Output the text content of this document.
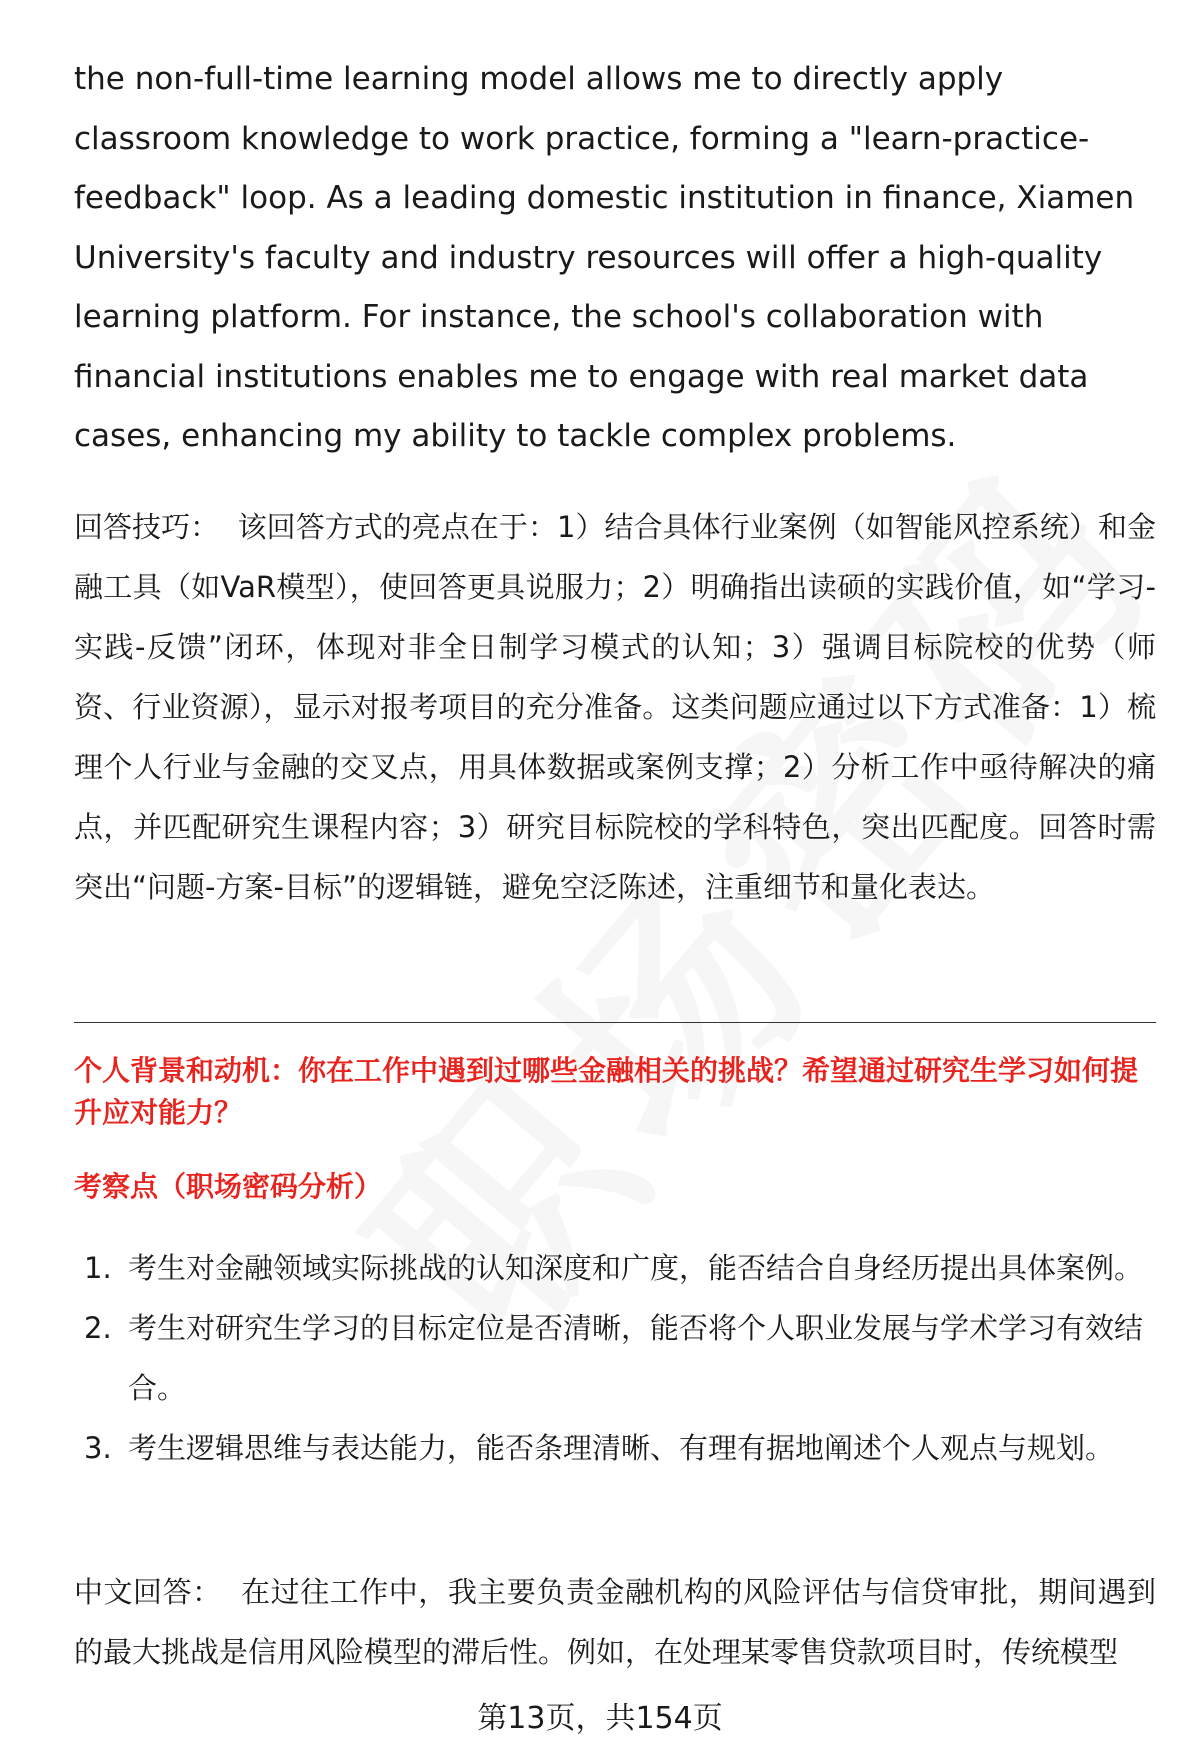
the non-full-time learning model allows me to directly apply classroom knowledge to work practice, forming a "learn-practice-feedback" loop. As a leading domestic institution in finance, Xiamen University's faculty and industry resources will offer a high-quality learning platform. For instance, the school's collaboration with financial institutions enables me to engage with real market data cases, enhancing my ability to tackle complex problems.

回答技巧： 该回答方式的亮点在于：1）结合具体行业案例（如智能风控系统）和金融工具（如VaR模型），使回答更具说服力；2）明确指出读硕的实践价值，如“学习-实践-反馈”闭环，体现对非全日制学习模式的认知；3）强调目标院校的优势（师资、行业资源），显示对报考项目的充分准备。这类问题应通过以下方式准备：1）梳理个人行业与金融的交叉点，用具体数据或案例支撑；2）分析工作中亟待解决的痛点，并匹配研究生课程内容；3）研究目标院校的学科特色，突出匹配度。回答时需突出“问题-方案-目标”的逻辑链，避免空泛陈述，注重细节和量化表达。

个人背景和动机：你在工作中遇到过哪些金融相关的挑战？希望通过研究生学习如何提升应对能力？

考察点（职场密码分析）

1. 考生对金融领域实际挑战的认知深度和广度，能否结合自身经历提出具体案例。
2. 考生对研究生学习的目标定位是否清晰，能否将个人职业发展与学术学习有效结合。
3. 考生逻辑思维与表达能力，能否条理清晰、有理有据地阐述个人观点与规划。

中文回答： 在过往工作中，我主要负责金融机构的风险评估与信贷审批，期间遇到的最大挑战是信用风险模型的滞后性。例如，在处理某零售贷款项目时，传统模型

第13页，共154页
